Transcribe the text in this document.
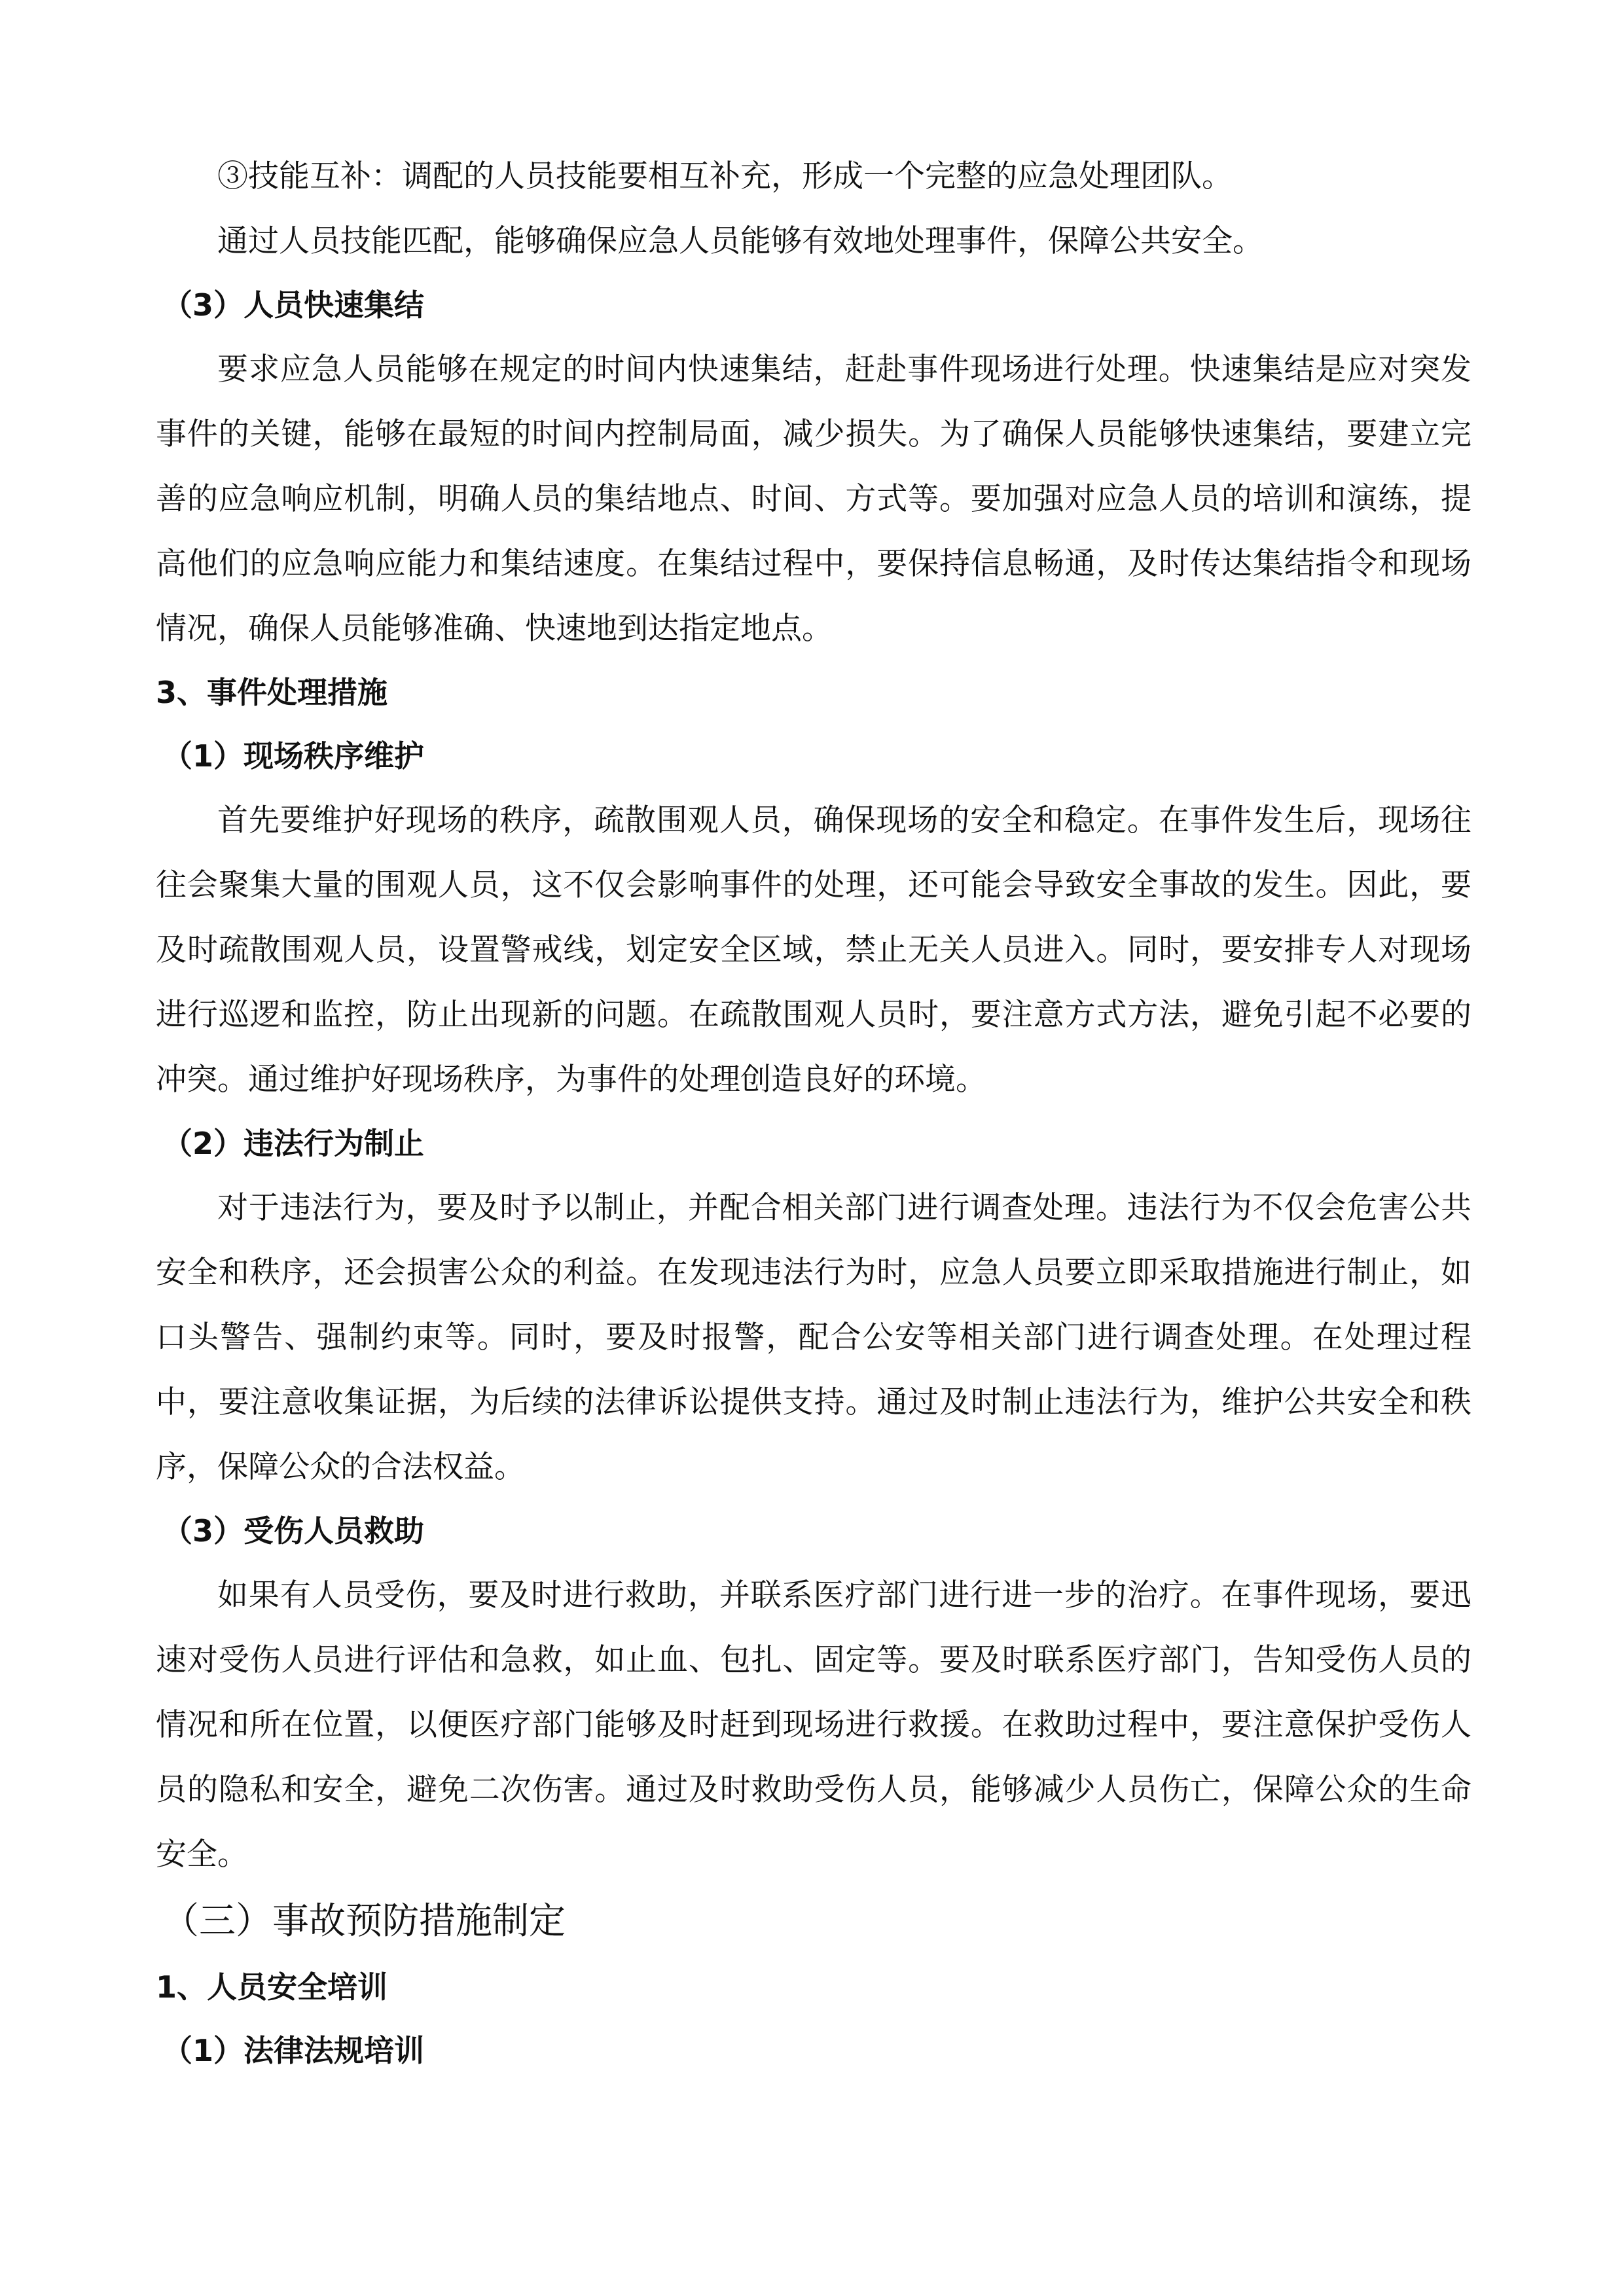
③技能互补：调配的人员技能要相互补充，形成一个完整的应急处理团队。

通过人员技能匹配，能够确保应急人员能够有效地处理事件，保障公共安全。

（3）人员快速集结

要求应急人员能够在规定的时间内快速集结，赶赴事件现场进行处理。快速集结是应对突发事件的关键，能够在最短的时间内控制局面，减少损失。为了确保人员能够快速集结，要建立完善的应急响应机制，明确人员的集结地点、时间、方式等。要加强对应急人员的培训和演练，提高他们的应急响应能力和集结速度。在集结过程中，要保持信息畅通，及时传达集结指令和现场情况，确保人员能够准确、快速地到达指定地点。

3、事件处理措施

（1）现场秩序维护

首先要维护好现场的秩序，疏散围观人员，确保现场的安全和稳定。在事件发生后，现场往往会聚集大量的围观人员，这不仅会影响事件的处理，还可能会导致安全事故的发生。因此，要及时疏散围观人员，设置警戒线，划定安全区域，禁止无关人员进入。同时，要安排专人对现场进行巡逻和监控，防止出现新的问题。在疏散围观人员时，要注意方式方法，避免引起不必要的冲突。通过维护好现场秩序，为事件的处理创造良好的环境。

（2）违法行为制止

对于违法行为，要及时予以制止，并配合相关部门进行调查处理。违法行为不仅会危害公共安全和秩序，还会损害公众的利益。在发现违法行为时，应急人员要立即采取措施进行制止，如口头警告、强制约束等。同时，要及时报警，配合公安等相关部门进行调查处理。在处理过程中，要注意收集证据，为后续的法律诉讼提供支持。通过及时制止违法行为，维护公共安全和秩序，保障公众的合法权益。

（3）受伤人员救助

如果有人员受伤，要及时进行救助，并联系医疗部门进行进一步的治疗。在事件现场，要迅速对受伤人员进行评估和急救，如止血、包扎、固定等。要及时联系医疗部门，告知受伤人员的情况和所在位置，以便医疗部门能够及时赶到现场进行救援。在救助过程中，要注意保护受伤人员的隐私和安全，避免二次伤害。通过及时救助受伤人员，能够减少人员伤亡，保障公众的生命安全。

（三）事故预防措施制定

1、人员安全培训

（1）法律法规培训
